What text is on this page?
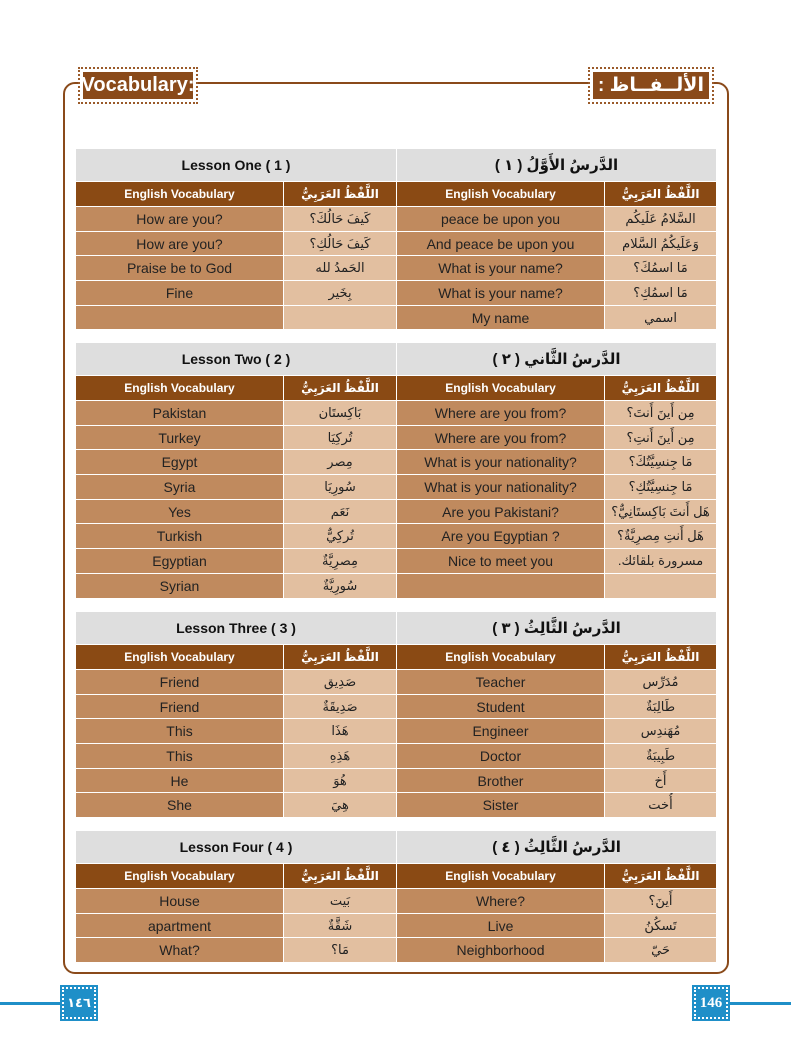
Vocabulary:	الألــفــاظ :
Lesson One ( 1 )		الدَّرسُ الأَوَّلُ ( ١ )	
English Vocabulary	اللَّفْظُ العَرَبِيُّ	English Vocabulary	اللَّفْظُ العَرَبِيُّ
How are you?	كَيفَ حَالُكَ؟	peace be upon you	السَّلامُ عَلَيكُم
How are you?	كَيفَ حَالُكِ؟	And peace be upon you	وَعَلَيكُمُ السَّلام
Praise be to God	الحَمدُ لله	What is your name?	مَا اسمُكَ؟
Fine	بِخَير	What is your name?	مَا اسمُكِ؟
		My name	اسمي
Lesson Two ( 2 )		الدَّرسُ الثَّاني ( ٢ )	
English Vocabulary	اللَّفْظُ العَرَبِيُّ	English Vocabulary	اللَّفْظُ العَرَبِيُّ
Pakistan	بَاكِستَان	Where are you from?	مِن أَينَ أَنتَ؟
Turkey	تُركِيَا	Where are you from?	مِن أَينَ أَنتِ؟
Egypt	مِصر	What is your nationality?	مَا جِنسِيَّتُكَ؟
Syria	سُورِيَا	What is your nationality?	مَا جِنسِيَّتُكِ؟
Yes	نَعَم	Are you Pakistani?	هَل أَنتَ بَاكِستَانِيٌّ؟
Turkish	تُركِيٌّ	Are you Egyptian ?	هَل أَنتِ مِصرِيَّةٌ؟
Egyptian	مِصرِيَّةٌ	Nice to meet you	مسرورة بلقائك.
Syrian	سُورِيَّةٌ		
Lesson Three ( 3 )		الدَّرسُ الثَّالِثُ ( ٣ )	
English Vocabulary	اللَّفْظُ العَرَبِيُّ	English Vocabulary	اللَّفْظُ العَرَبِيُّ
Friend	صَدِيق	Teacher	مُدَرِّس
Friend	صَدِيقَةٌ	Student	طَالِبَةٌ
This	هَذَا	Engineer	مُهَندِس
This	هَذِهِ	Doctor	طَبِيبَةٌ
He	هُوَ	Brother	أَخ
She	هِيَ	Sister	أُخت
Lesson Four ( 4 )		الدَّرسُ الثَّالِثُ ( ٤ )	
English Vocabulary	اللَّفْظُ العَرَبِيُّ	English Vocabulary	اللَّفْظُ العَرَبِيُّ
House	بَيت	Where?	أَينَ؟
apartment	شَقَّةٌ	Live	تَسكُنُ
What?	مَا؟	Neighborhood	حَيّ
١٤٦	146
